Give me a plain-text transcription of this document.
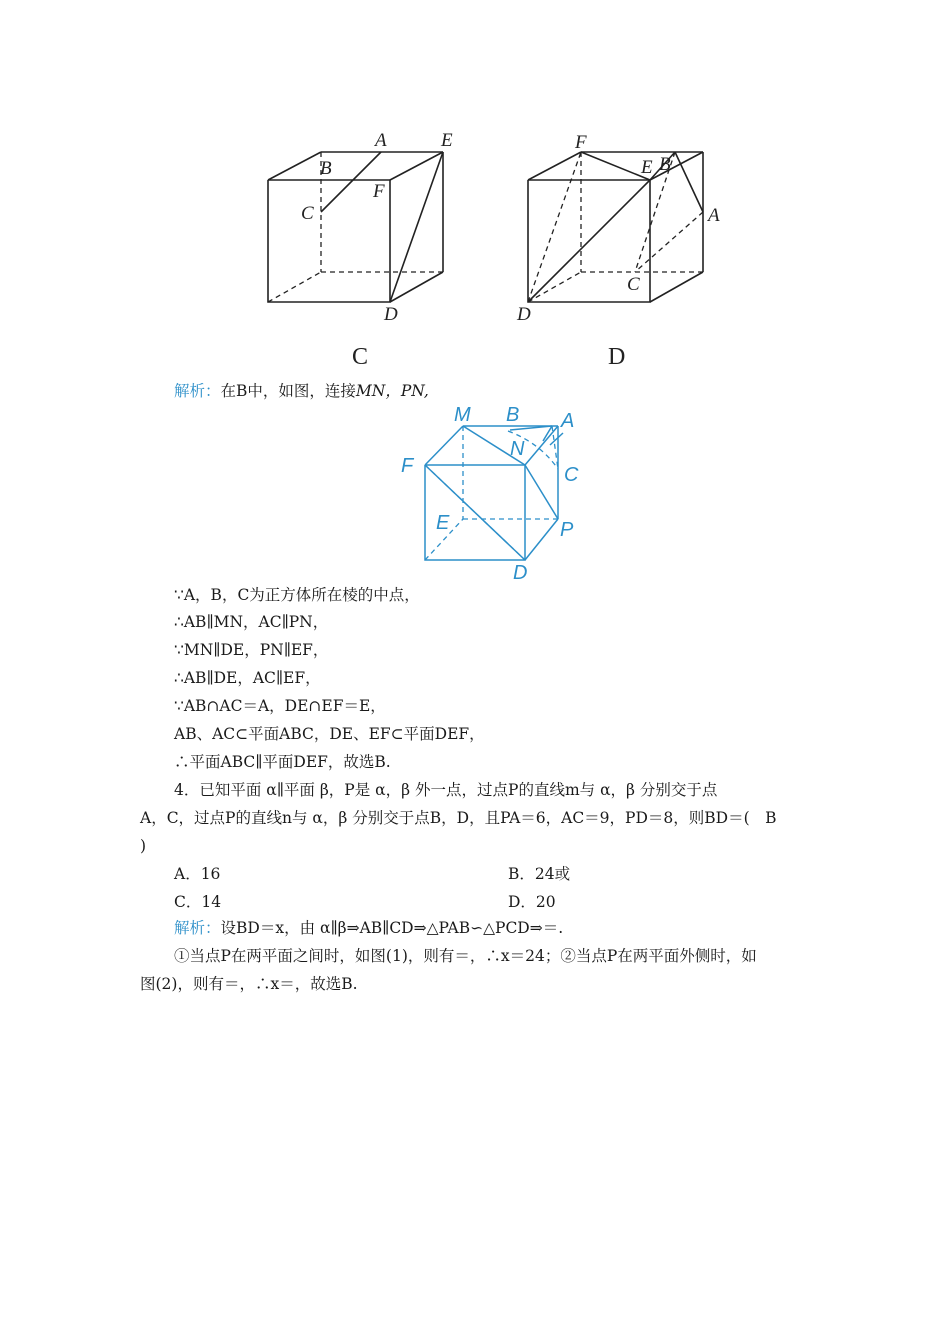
A	E
B
F
C
D
C
F
E B
A
C
D
D
解析：在B中，如图，连接MN，PN,
M B A
N
C
F
E	P
D
∵A，B，C为正方体所在棱的中点，
∴AB∥MN，AC∥PN，
∵MN∥DE，PN∥EF，
∴AB∥DE，AC∥EF，
∵AB∩AC＝A，DE∩EF＝E，
AB、AC⊂平面ABC，DE、EF⊂平面DEF，
∴平面ABC∥平面DEF，故选B.
4．已知平面 α∥平面 β，P是 α，β 外一点，过点P的直线m与 α，β 分别交于点
A，C，过点P的直线n与 α，β 分别交于点B，D，且PA＝6，AC＝9，PD＝8，则BD＝(　B
)
A．16	B．24或
C．14	D．20
解析：设BD＝x，由 α∥β⇒AB∥CD⇒△PAB∽△PCD⇒＝.
①当点P在两平面之间时，如图(1)，则有＝，∴x＝24；②当点P在两平面外侧时，如
图(2)，则有＝，∴x＝，故选B.
